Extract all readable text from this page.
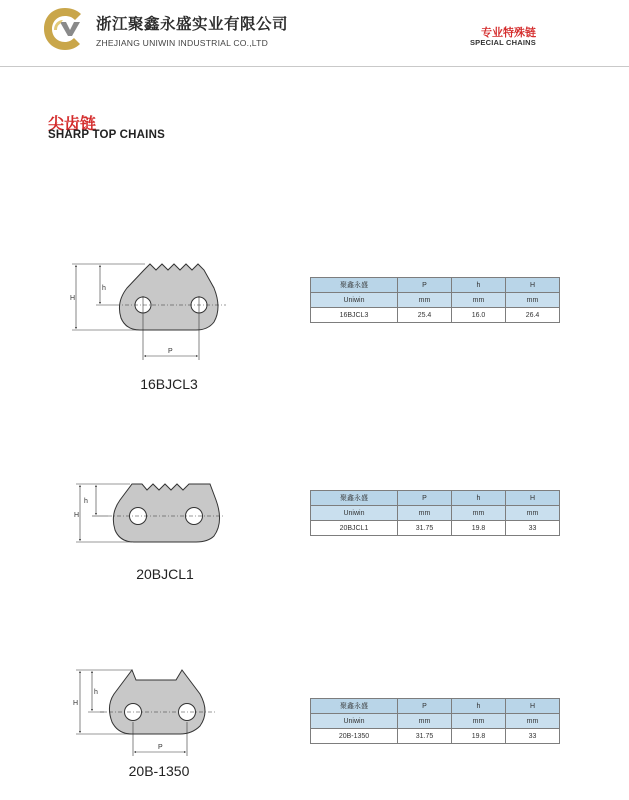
浙江聚鑫永盛实业有限公司
ZHEJIANG UNIWIN INDUSTRIAL CO.,LTD
专业特殊链
SPECIAL CHAINS
尖齿链
SHARP TOP CHAINS
H
h
P
H
h
H
h
P
16BJCL3
20BJCL1
20B-1350
聚鑫永盛	P	h	H
Uniwin	mm	mm	mm
16BJCL3	25.4	16.0	26.4
聚鑫永盛	P	h	H
Uniwin	mm	mm	mm
20BJCL1	31.75	19.8	33
聚鑫永盛	P	h	H
Uniwin	mm	mm	mm
20B-1350	31.75	19.8	33
